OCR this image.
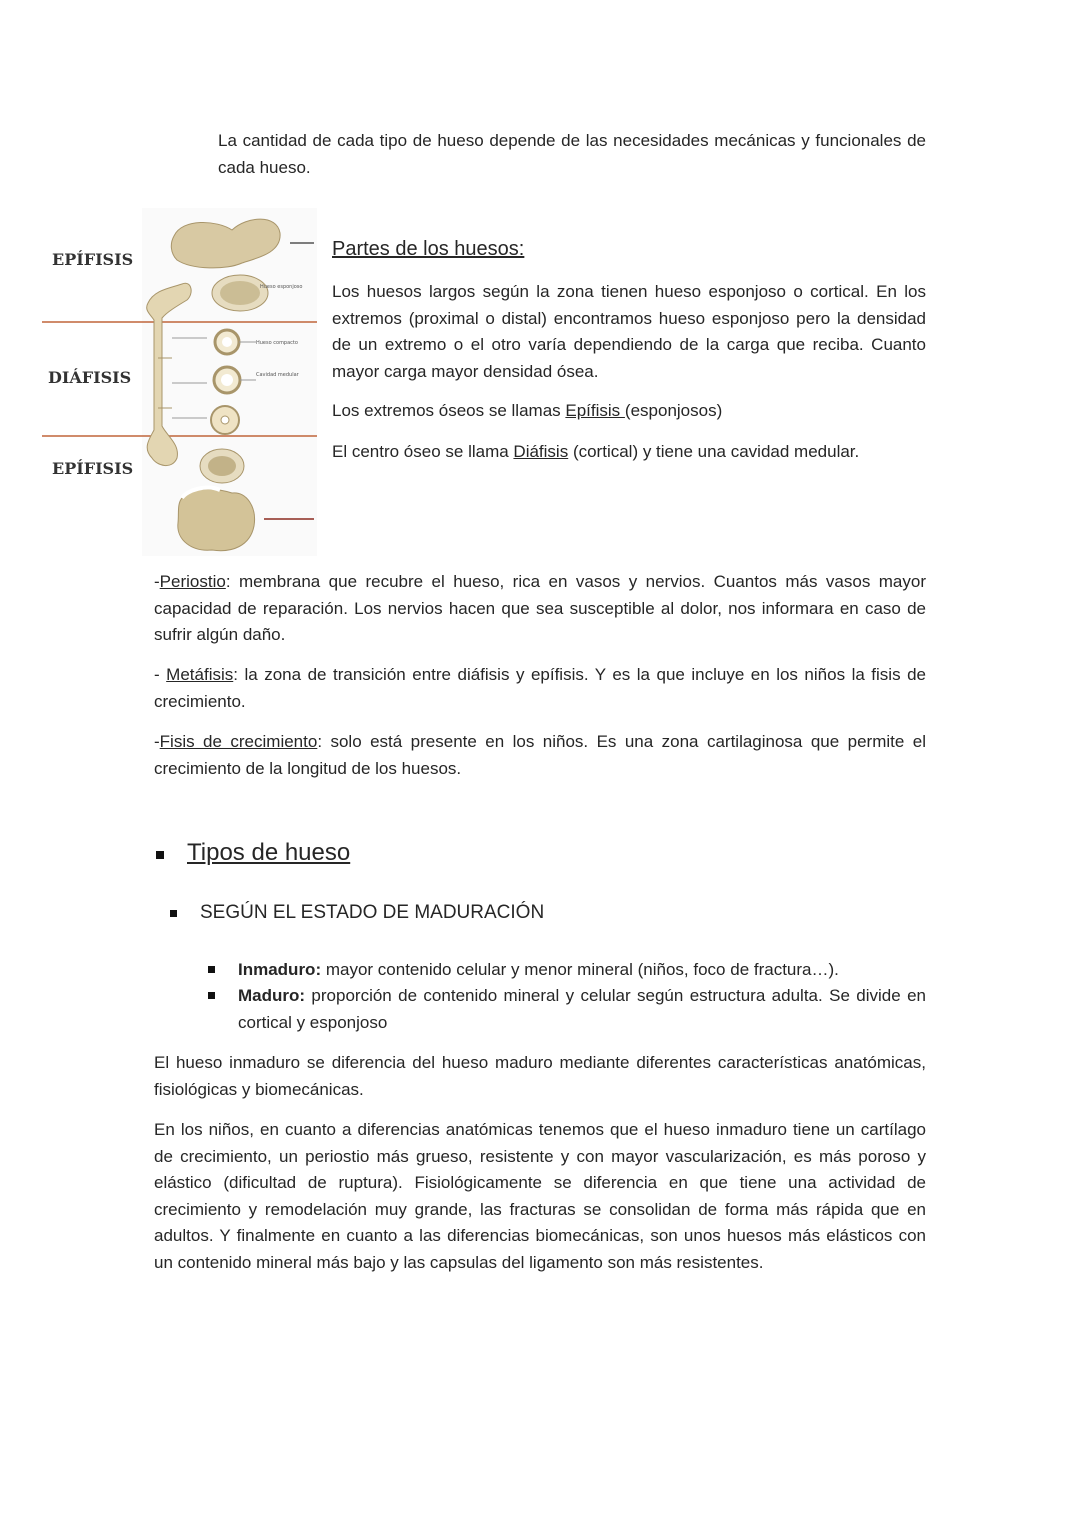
La cantidad de cada tipo de hueso depende de las necesidades mecánicas y funcionales de cada hueso.
Hueso esponjoso
Hueso compacto
Cavidad medular
EPÍFISIS
DIÁFISIS
EPÍFISIS
Partes de los huesos:
Los huesos largos según la zona tienen hueso esponjoso o cortical. En los extremos (proximal o distal) encontramos hueso esponjoso pero la densidad de un extremo o el otro varía dependiendo de la carga que reciba. Cuanto mayor carga mayor densidad ósea.
Los extremos óseos se llamas Epífisis (esponjosos)
El centro óseo se llama Diáfisis (cortical) y tiene una cavidad medular.
-Periostio: membrana que recubre el hueso, rica en vasos y nervios. Cuantos más vasos mayor capacidad de reparación. Los nervios hacen que sea susceptible al dolor, nos informara en caso de sufrir algún daño.
- Metáfisis: la zona de transición entre diáfisis y epífisis. Y es la que incluye en los niños la fisis de crecimiento.
-Fisis de crecimiento: solo está presente en los niños. Es una zona cartilaginosa que permite el crecimiento de la longitud de los huesos.
Tipos de hueso
SEGÚN EL ESTADO DE MADURACIÓN
Inmaduro: mayor contenido celular y menor mineral (niños, foco de fractura…).
Maduro: proporción de contenido mineral y celular según estructura adulta. Se divide en cortical y esponjoso
El hueso inmaduro se diferencia del hueso maduro mediante diferentes características anatómicas, fisiológicas y biomecánicas.
En los niños, en cuanto a diferencias anatómicas tenemos que el hueso inmaduro tiene un cartílago de crecimiento, un periostio más grueso, resistente y con mayor vascularización, es más poroso y elástico (dificultad de ruptura). Fisiológicamente se diferencia en que tiene una actividad de crecimiento y remodelación muy grande, las fracturas se consolidan de forma más rápida que en adultos. Y finalmente en cuanto a las diferencias biomecánicas, son unos huesos más elásticos con un contenido mineral más bajo y las capsulas del ligamento son más resistentes.
